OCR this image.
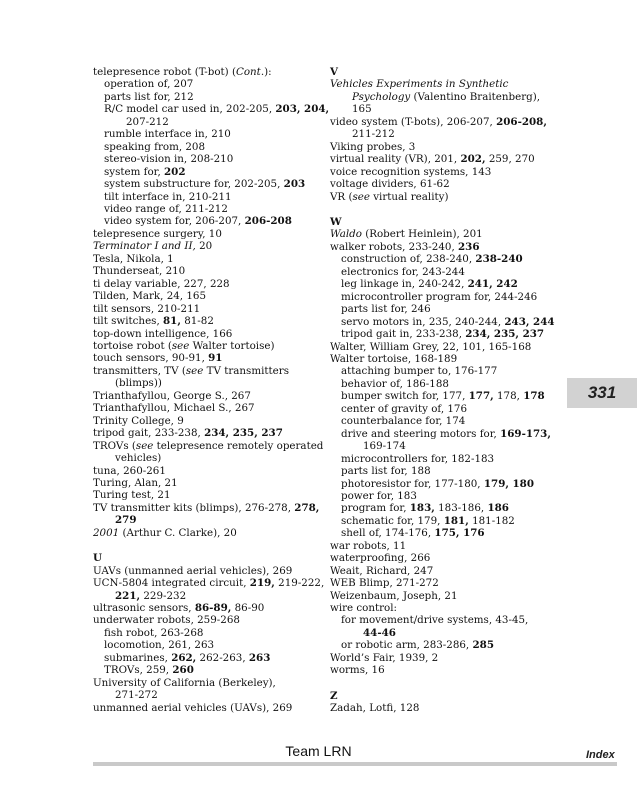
telepresence robot (T-bot) (Cont.):
operation of, 207
parts list for, 212
R/C model car used in, 202-205, 203, 204,
207-212
rumble interface in, 210
speaking from, 208
stereo-vision in, 208-210
system for, 202
system substructure for, 202-205, 203
tilt interface in, 210-211
video range of, 211-212
video system for, 206-207, 206-208
telepresence surgery, 10
Terminator I and II, 20
Tesla, Nikola, 1
Thunderseat, 210
ti delay variable, 227, 228
Tilden, Mark, 24, 165
tilt sensors, 210-211
tilt switches, 81, 81-82
top-down intelligence, 166
tortoise robot (see Walter tortoise)
touch sensors, 90-91, 91
transmitters, TV (see TV transmitters
(blimps))
Trianthafyllou, George S., 267
Trianthafyllou, Michael S., 267
Trinity College, 9
tripod gait, 233-238, 234, 235, 237
TROVs (see telepresence remotely operated
vehicles)
tuna, 260-261
Turing, Alan, 21
Turing test, 21
TV transmitter kits (blimps), 276-278, 278,
279
2001 (Arthur C. Clarke), 20
U
UAVs (unmanned aerial vehicles), 269
UCN-5804 integrated circuit, 219, 219-222,
221, 229-232
ultrasonic sensors, 86-89, 86-90
underwater robots, 259-268
fish robot, 263-268
locomotion, 261, 263
submarines, 262, 262-263, 263
TROVs, 259, 260
University of California (Berkeley),
271-272
unmanned aerial vehicles (UAVs), 269
V
Vehicles Experiments in Synthetic
Psychology (Valentino Braitenberg),
165
video system (T-bots), 206-207, 206-208,
211-212
Viking probes, 3
virtual reality (VR), 201, 202, 259, 270
voice recognition systems, 143
voltage dividers, 61-62
VR (see virtual reality)
W
Waldo (Robert Heinlein), 201
walker robots, 233-240, 236
construction of, 238-240, 238-240
electronics for, 243-244
leg linkage in, 240-242, 241, 242
microcontroller program for, 244-246
parts list for, 246
servo motors in, 235, 240-244, 243, 244
tripod gait in, 233-238, 234, 235, 237
Walter, William Grey, 22, 101, 165-168
Walter tortoise, 168-189
attaching bumper to, 176-177
behavior of, 186-188
bumper switch for, 177, 177, 178, 178
center of gravity of, 176
counterbalance for, 174
drive and steering motors for, 169-173,
169-174
microcontrollers for, 182-183
parts list for, 188
photoresistor for, 177-180, 179, 180
power for, 183
program for, 183, 183-186, 186
schematic for, 179, 181, 181-182
shell of, 174-176, 175, 176
war robots, 11
waterproofing, 266
Weait, Richard, 247
WEB Blimp, 271-272
Weizenbaum, Joseph, 21
wire control:
for movement/drive systems, 43-45,
44-46
or robotic arm, 283-286, 285
World’s Fair, 1939, 2
worms, 16
Z
Zadah, Lotfi, 128
331
Team LRN	Index
